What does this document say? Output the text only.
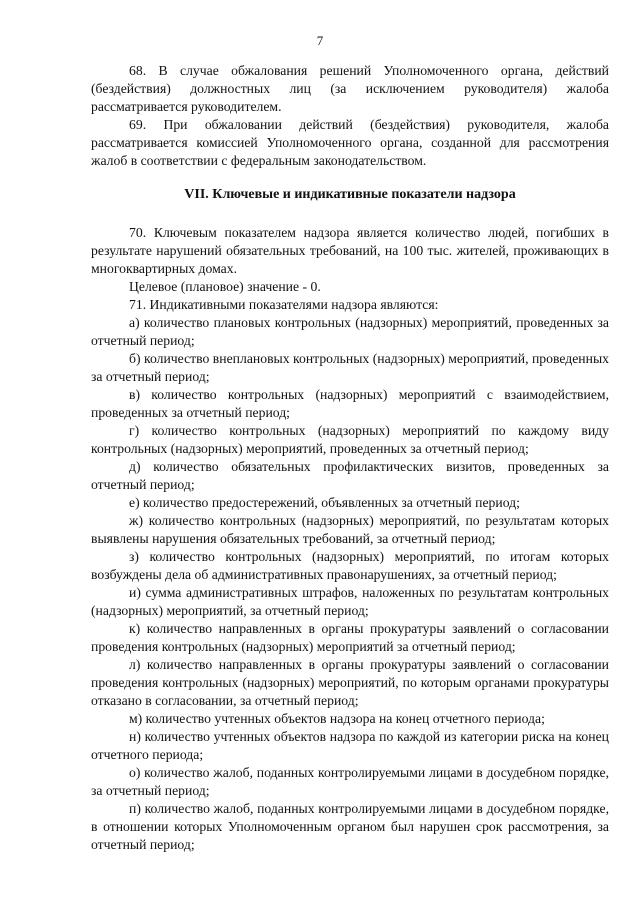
7

68. В случае обжалования решений Уполномоченного органа, действий (бездействия) должностных лиц (за исключением руководителя) жалоба рассматривается руководителем.

69. При обжаловании действий (бездействия) руководителя, жалоба рассматривается комиссией Уполномоченного органа, созданной для рассмотрения жалоб в соответствии с федеральным законодательством.

VII. Ключевые и индикативные показатели надзора

70. Ключевым показателем надзора является количество людей, погибших в результате нарушений обязательных требований, на 100 тыс. жителей, проживающих в многоквартирных домах.

Целевое (плановое) значение - 0.

71. Индикативными показателями надзора являются:

а) количество плановых контрольных (надзорных) мероприятий, проведенных за отчетный период;

б) количество внеплановых контрольных (надзорных) мероприятий, проведенных за отчетный период;

в) количество контрольных (надзорных) мероприятий с взаимодействием, проведенных за отчетный период;

г) количество контрольных (надзорных) мероприятий по каждому виду контрольных (надзорных) мероприятий, проведенных за отчетный период;

д) количество обязательных профилактических визитов, проведенных за отчетный период;

е) количество предостережений, объявленных за отчетный период;

ж) количество контрольных (надзорных) мероприятий, по результатам которых выявлены нарушения обязательных требований, за отчетный период;

з) количество контрольных (надзорных) мероприятий, по итогам которых возбуждены дела об административных правонарушениях, за отчетный период;

и) сумма административных штрафов, наложенных по результатам контрольных (надзорных) мероприятий, за отчетный период;

к) количество направленных в органы прокуратуры заявлений о согласовании проведения контрольных (надзорных) мероприятий за отчетный период;

л) количество направленных в органы прокуратуры заявлений о согласовании проведения контрольных (надзорных) мероприятий, по которым органами прокуратуры отказано в согласовании, за отчетный период;

м) количество учтенных объектов надзора на конец отчетного периода;

н) количество учтенных объектов надзора по каждой из категории риска на конец отчетного периода;

о) количество жалоб, поданных контролируемыми лицами в досудебном порядке, за отчетный период;

п) количество жалоб, поданных контролируемыми лицами в досудебном порядке, в отношении которых Уполномоченным органом был нарушен срок рассмотрения, за отчетный период;
